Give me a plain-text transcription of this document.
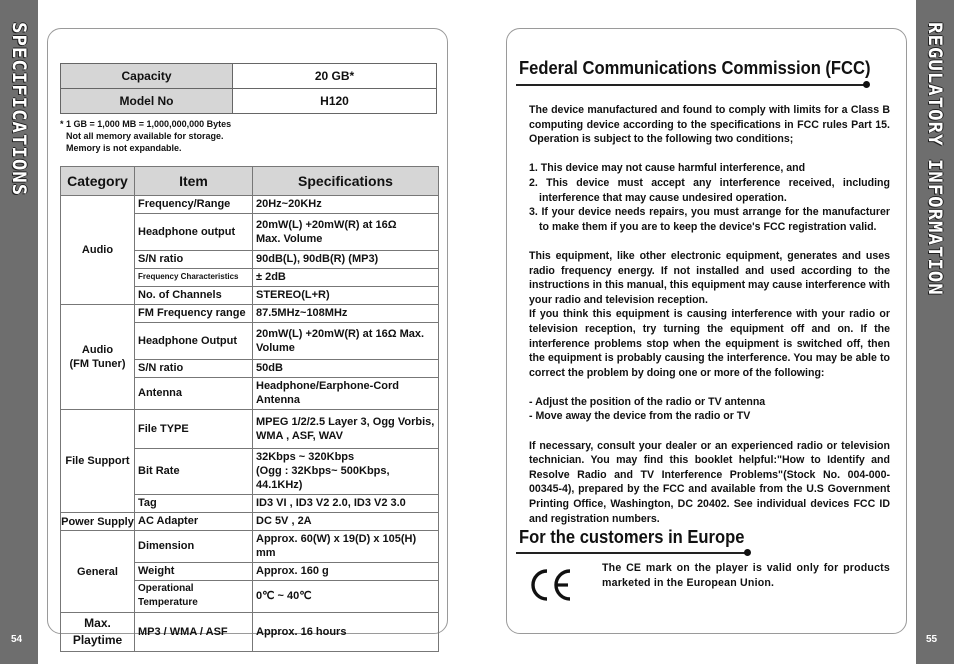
SPECIFICATIONS
54
REGULATORY INFORMATION
55
Capacity	20 GB*
Model No	H120
* 1 GB = 1,000 MB = 1,000,000,000 Bytes
Not all memory available for storage.
Memory is not expandable.
Category	Item	Specifications
Audio	Frequency/Range	20Hz~20KHz
	Headphone output	20mW(L) +20mW(R) at 16Ω
Max. Volume
	S/N ratio	90dB(L), 90dB(R) (MP3)
	Frequency Characteristics	± 2dB
	No. of Channels	STEREO(L+R)
Audio
(FM Tuner)	FM Frequency range	87.5MHz~108MHz
	Headphone Output	20mW(L) +20mW(R) at 16Ω Max.
Volume
	S/N ratio	50dB
	Antenna	Headphone/Earphone-Cord Antenna
File Support	File TYPE	MPEG 1/2/2.5 Layer 3, Ogg Vorbis,
WMA , ASF, WAV
	Bit Rate	32Kbps ~ 320Kbps
(Ogg : 32Kbps~ 500Kbps, 44.1KHz)
	Tag	ID3 VI , ID3 V2 2.0, ID3 V2 3.0
Power Supply	AC Adapter	DC 5V , 2A
General	Dimension	Approx. 60(W) x 19(D) x 105(H) mm
	Weight	Approx. 160 g
	Operational Temperature	0℃ ~ 40℃
Max.
Playtime	MP3 / WMA / ASF	Approx. 16 hours
Federal Communications Commission (FCC)

The device manufactured and found to comply with limits for a Class B computing device according to the specifications in FCC rules Part 15. Operation is subject to the following two conditions;

1. This device may not cause harmful interference, and
2. This device must accept any interference received, including interference that may cause undesired operation.
3. If your device needs repairs, you must arrange for the manufacturer to make them if you are to keep the device's FCC registration valid.

This equipment, like other electronic equipment, generates and uses radio frequency energy. If not installed and used according to the instructions in this manual, this equipment may cause interference with your radio and television reception.

If you think this equipment is causing interference with your radio or television reception, try turning the equipment off and on. If the interference problems stop when the equipment is switched off, then the equipment is probably causing the interference. You may be able to correct the problem by doing one or more of the following:

- Adjust the position of the radio or TV antenna
- Move away the device from the radio or TV

If necessary, consult your dealer or an experienced radio or television technician. You may find this booklet helpful:"How to Identify and Resolve Radio and TV Interference Problems"(Stock No. 004-000-00345-4), prepared by the FCC and available from the U.S Government Printing Office, Washington, DC 20402. See individual devices FCC ID and registration numbers.

For the customers in Europe
The CE mark on the player is valid only for products marketed in the European Union.
